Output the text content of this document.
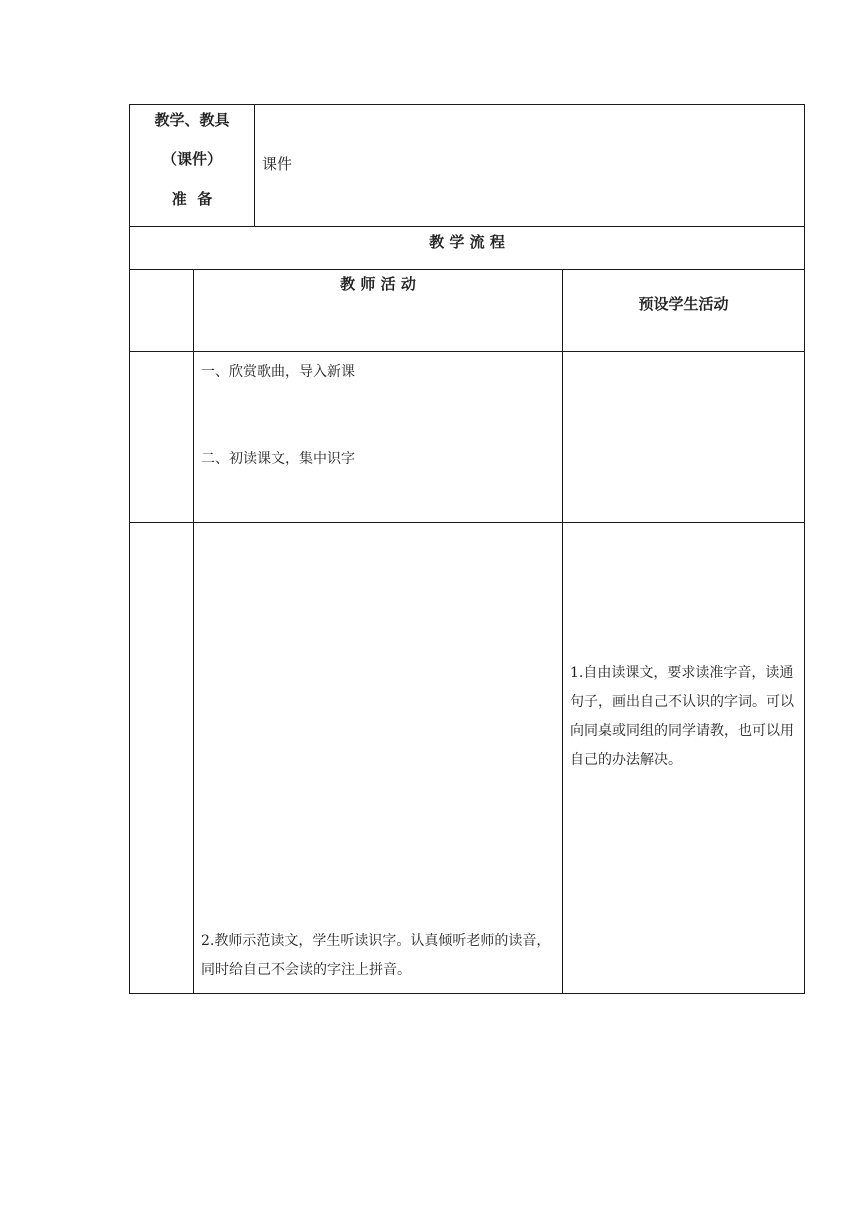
教学、教具
（课件）
准  备
课件
教 学 流 程
教 师 活 动
预设学生活动
一、欣赏歌曲，导入新课
二、初读课文，集中识字
1.自由读课文，要求读准字音，读通句子，画出自己不认识的字词。可以向同桌或同组的同学请教，也可以用自己的办法解决。
2.教师示范读文，学生听读识字。认真倾听老师的读音，同时给自己不会读的字注上拼音。
